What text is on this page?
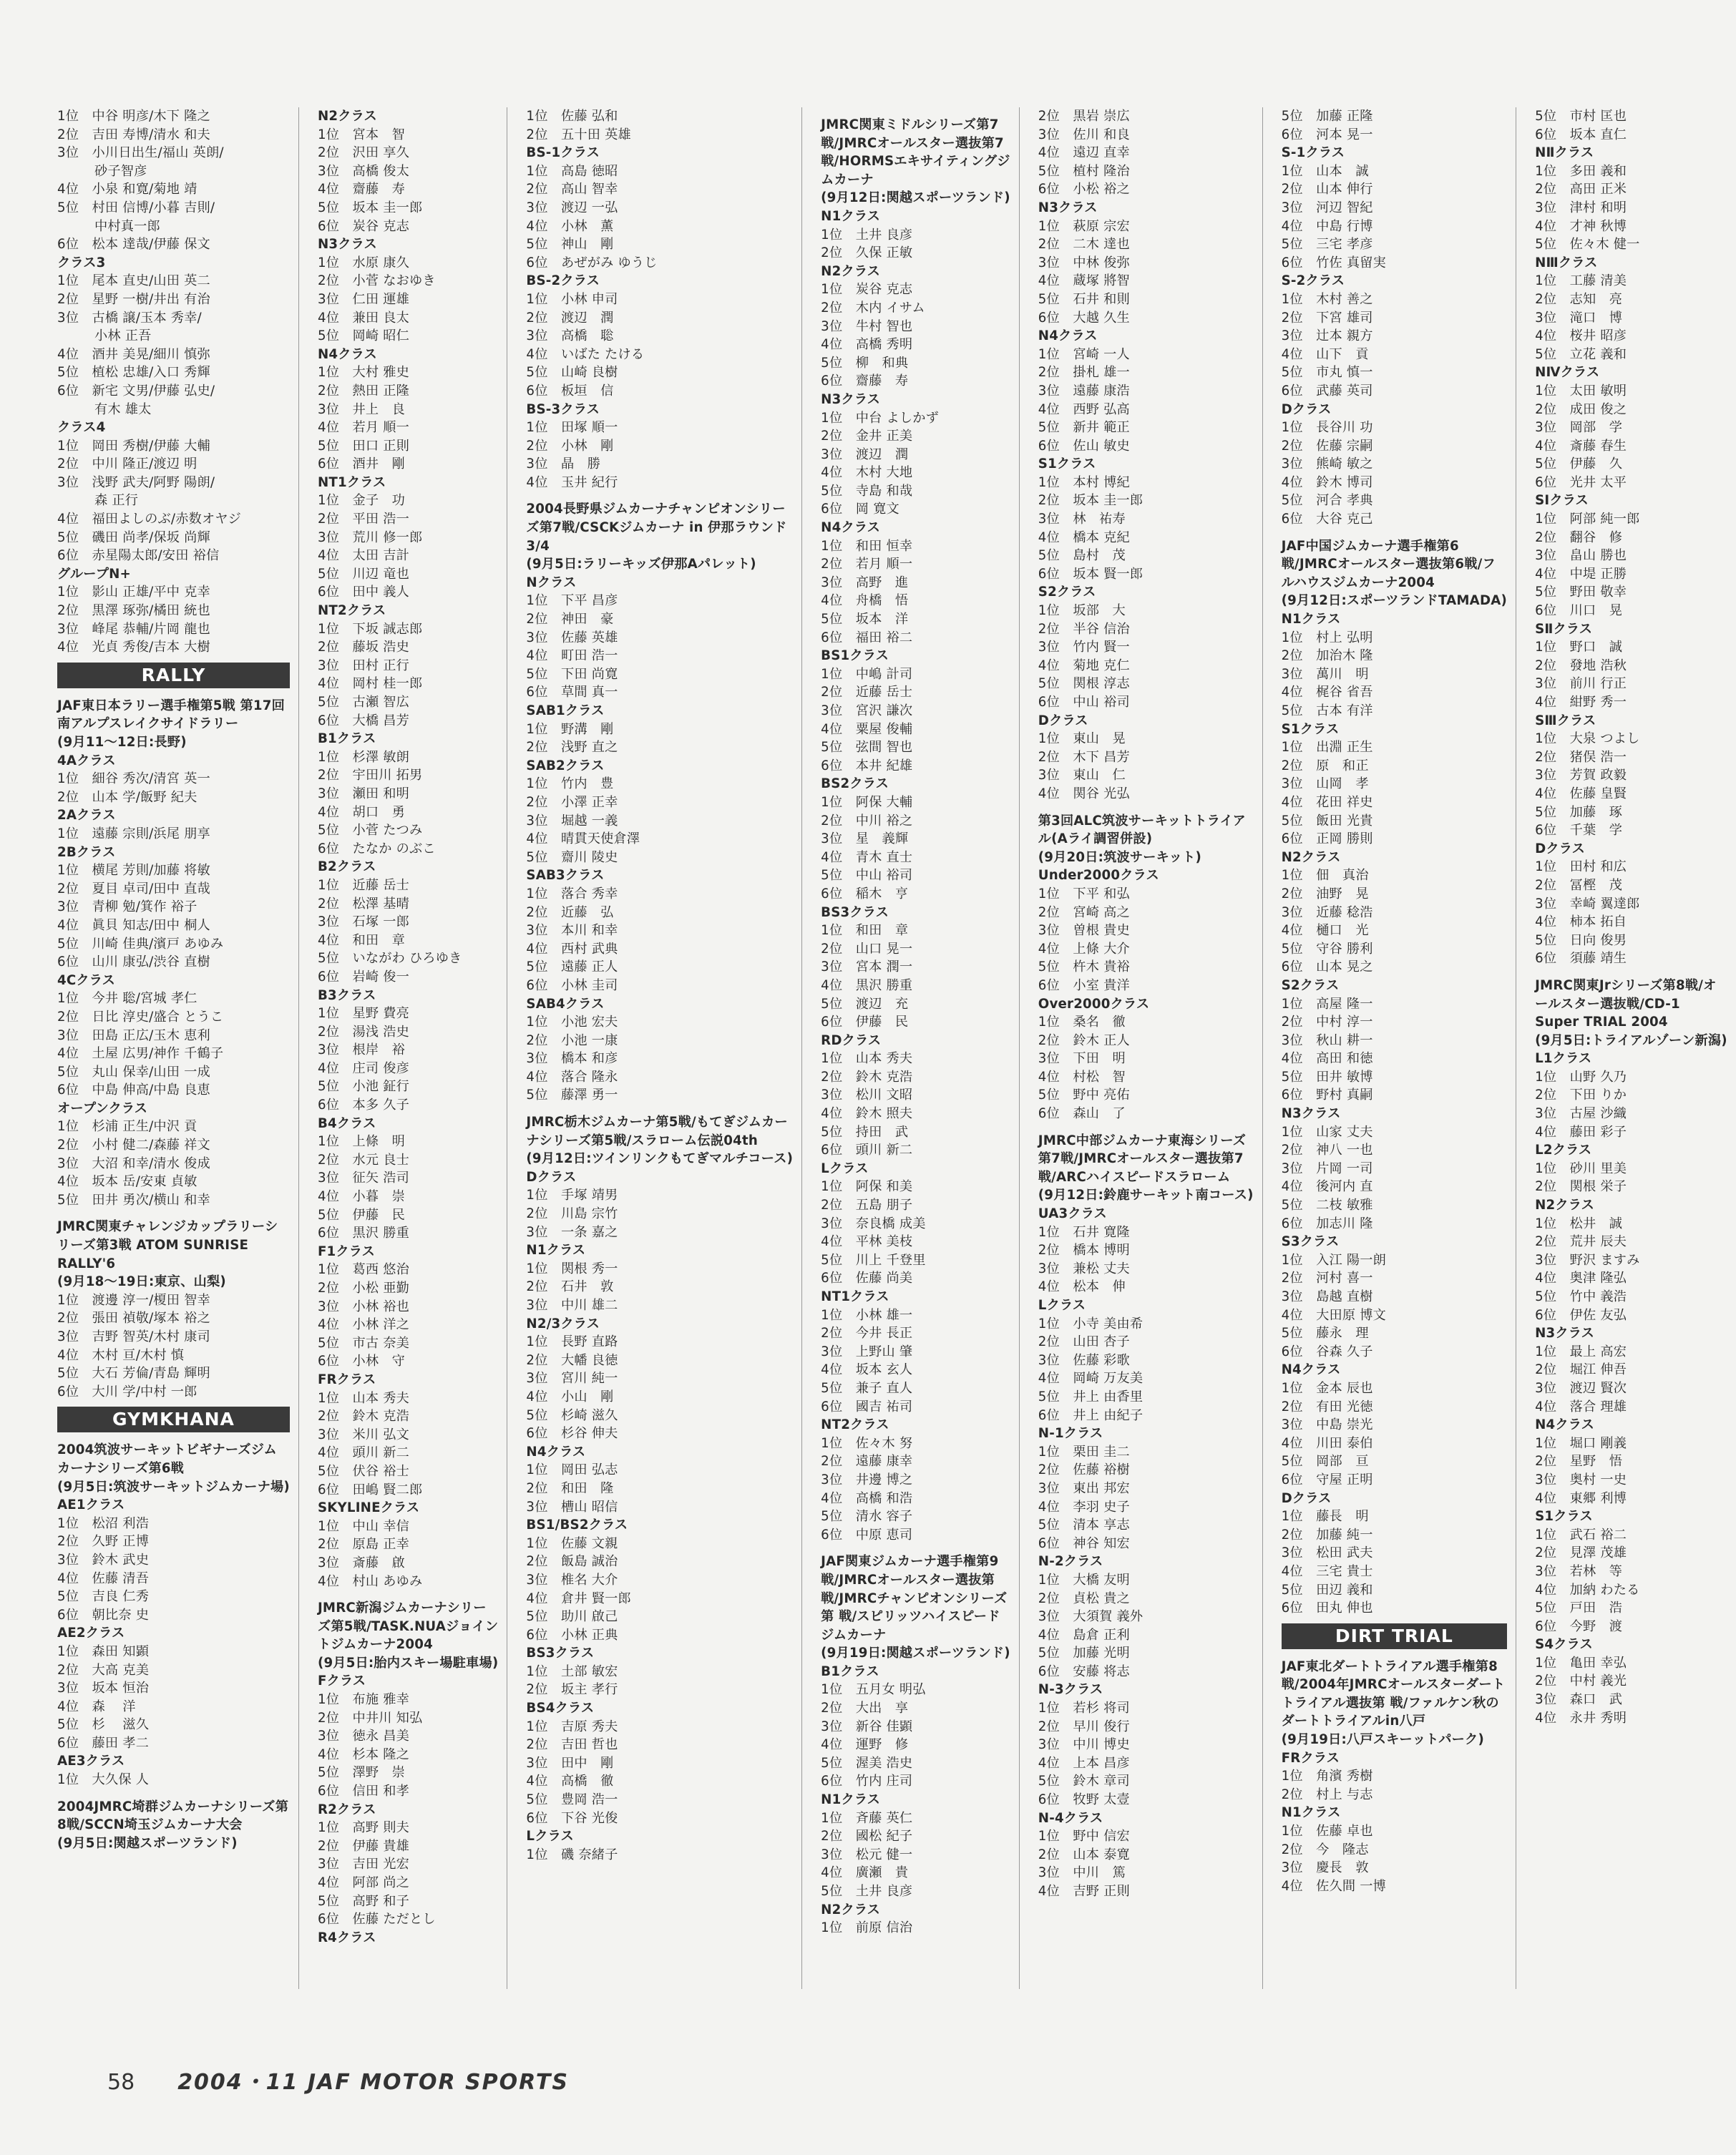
1位　中谷 明彦/木下 隆之
2位　吉田 寿博/清水 和夫
3位　小川日出生/福山 英朗/
砂子智彦
4位　小泉 和寛/菊地 靖
5位　村田 信博/小暮 吉則/
中村真一郎
6位　松本 達哉/伊藤 保文
クラス3
1位　尾本 直史/山田 英二
2位　星野 一樹/井出 有治
3位　古橋 譲/玉本 秀幸/
小林 正吾
4位　酒井 美晃/細川 慎弥
5位　植松 忠雄/入口 秀輝
6位　新宅 文男/伊藤 弘史/
有木 雄太
クラス4
1位　岡田 秀樹/伊藤 大輔
2位　中川 隆正/渡辺 明
3位　浅野 武夫/阿野 陽朗/
森 正行
4位　福田よしのぶ/赤数オヤジ
5位　磯田 尚孝/保坂 尚輝
6位　赤星陽太郎/安田 裕信
グループN+
1位　影山 正雄/平中 克幸
2位　黒澤 琢弥/橘田 統也
3位　峰尾 恭輔/片岡 龍也
4位　光貞 秀俊/吉本 大樹
RALLY
JAF東日本ラリー選手権第5戦 第17回南アルプスレイクサイドラリー
(9月11〜12日:長野)
4Aクラス
1位　細谷 秀次/清宮 英一
2位　山本 学/飯野 紀夫
2Aクラス
1位　遠藤 宗則/浜尾 朋享
2Bクラス
1位　横尾 芳則/加藤 将敏
2位　夏目 卓司/田中 直哉
3位　青柳 勉/箕作 裕子
4位　眞貝 知志/田中 桐人
5位　川崎 佳典/濱戸 あゆみ
6位　山川 康弘/渋谷 直樹
4Cクラス
1位　今井 聡/宮城 孝仁
2位　日比 淳史/盛合 とうこ
3位　田島 正広/玉木 恵利
4位　土屋 広男/神作 千鶴子
5位　丸山 保幸/山田 一成
6位　中島 伸高/中島 良恵
オープンクラス
1位　杉浦 正生/中沢 貢
2位　小村 健二/森藤 祥文
3位　大沼 和幸/清水 俊成
4位　坂本 岳/安東 貞敏
5位　田井 勇次/横山 和幸
JMRC関東チャレンジカップラリーシリーズ第3戦 ATOM SUNRISE RALLY'6
(9月18〜19日:東京、山梨)
1位　渡邊 淳一/榎田 智幸
2位　張田 禎敬/塚本 裕之
3位　吉野 智英/木村 康司
4位　木村 亘/木村 慎
5位　大石 芳倫/青島 輝明
6位　大川 学/中村 一郎
GYMKHANA
2004筑波サーキットビギナーズジムカーナシリーズ第6戦
(9月5日:筑波サーキットジムカーナ場)
AE1クラス
1位　松沼 利浩
2位　久野 正博
3位　鈴木 武史
4位　佐藤 清吾
5位　吉良 仁秀
6位　朝比奈 史
AE2クラス
1位　森田 知顕
2位　大高 克美
3位　坂本 恒治
4位　森　 洋
5位　杉　 滋久
6位　藤田 孝二
AE3クラス
1位　大久保 人
2004JMRC埼群ジムカーナシリーズ第8戦/SCCN埼玉ジムカーナ大会
(9月5日:関越スポーツランド)
N2クラス
1位　宮本　智
2位　沢田 享久
3位　高橋 俊太
4位　齋藤　寿
5位　坂本 圭一郎
6位　炭谷 克志
N3クラス
1位　水原 康久
2位　小菅 なおゆき
3位　仁田 運雄
4位　兼田 良太
5位　岡崎 昭仁
N4クラス
1位　大村 雅史
2位　熱田 正隆
3位　井上　良
4位　若月 順一
5位　田口 正則
6位　酒井　剛
NT1クラス
1位　金子　功
2位　平田 浩一
3位　荒川 修一郎
4位　太田 吉計
5位　川辺 竜也
6位　田中 義人
NT2クラス
1位　下坂 誠志郎
2位　藤坂 浩史
3位　田村 正行
4位　岡村 桂一郎
5位　古瀬 智広
6位　大橋 昌芳
B1クラス
1位　杉澤 敏朗
2位　宇田川 拓男
3位　瀬田 和明
4位　胡口　勇
5位　小菅 たつみ
6位　たなか のぶこ
B2クラス
1位　近藤 岳士
2位　松澤 基晴
3位　石塚 一郎
4位　和田　章
5位　いながわ ひろゆき
6位　岩崎 俊一
B3クラス
1位　星野 費亮
2位　湯浅 浩史
3位　根岸　裕
4位　庄司 俊彦
5位　小池 鉦行
6位　本多 久子
B4クラス
1位　上條　明
2位　水元 良士
3位　征矢 浩司
4位　小暮　崇
5位　伊藤　民
6位　黒沢 勝重
F1クラス
1位　葛西 悠治
2位　小松 亜勤
3位　小林 裕也
4位　小林 洋之
5位　市古 奈美
6位　小林　守
FRクラス
1位　山本 秀夫
2位　鈴木 克浩
3位　米川 弘文
4位　頭川 新二
5位　伏谷 裕士
6位　田嶋 賢二郎
SKYLINEクラス
1位　中山 幸信
2位　原島 正幸
3位　斎藤　啟
4位　村山 あゆみ
JMRC新潟ジムカーナシリーズ第5戦/TASK.NUAジョイントジムカーナ2004
(9月5日:胎内スキー場駐車場)
Fクラス
1位　布施 雅幸
2位　中井川 知弘
3位　徳永 昌美
4位　杉本 隆之
5位　澤野　崇
6位　信田 和孝
R2クラス
1位　高野 則夫
2位　伊藤 貴雄
3位　吉田 光宏
4位　阿部 尚之
5位　高野 和子
6位　佐藤 ただとし
R4クラス
1位　佐藤 弘和
2位　五十田 英雄
BS-1クラス
1位　高島 徳昭
2位　高山 智幸
3位　渡辺 一弘
4位　小林　薫
5位　神山　剛
6位　あぜがみ ゆうじ
BS-2クラス
1位　小林 申司
2位　渡辺　潤
3位　高橋　聡
4位　いばた たける
5位　山崎 良樹
6位　板垣　信
BS-3クラス
1位　田塚 順一
2位　小林　剛
3位　晶　勝
4位　玉井 紀行
2004長野県ジムカーナチャンピオンシリーズ第7戦/CSCKジムカーナ in 伊那ラウンド3/4
(9月5日:ラリーキッズ伊那Aパレット)
Nクラス
1位　下平 昌彦
2位　神田　豪
3位　佐藤 英雄
4位　町田 浩一
5位　下田 尚寛
6位　草間 真一
SAB1クラス
1位　野溝　剛
2位　浅野 直之
SAB2クラス
1位　竹内　豊
2位　小澤 正幸
3位　堀越 一義
4位　晴貫天使倉澤
5位　齋川 陵史
SAB3クラス
1位　落合 秀幸
2位　近藤　弘
3位　本川 和幸
4位　西村 武典
5位　遠藤 正人
6位　小林 圭司
SAB4クラス
1位　小池 宏夫
2位　小池 一康
3位　橋本 和彦
4位　落合 隆永
5位　藤澤 勇一
JMRC栃木ジムカーナ第5戦/もてぎジムカーナシリーズ第5戦/スラローム伝説04th
(9月12日:ツインリンクもてぎマルチコース)
Dクラス
1位　手塚 靖男
2位　川島 宗竹
3位　一条 嘉之
N1クラス
1位　関根 秀一
2位　石井　敦
3位　中川 雄二
N2/3クラス
1位　長野 直路
2位　大幡 良徳
3位　宮川 純一
4位　小山　剛
5位　杉崎 滋久
6位　杉谷 伸夫
N4クラス
1位　岡田 弘志
2位　和田　隆
3位　槽山 昭信
BS1/BS2クラス
1位　佐藤 文親
2位　飯島 誠治
3位　椎名 大介
4位　倉井 賢一郎
5位　助川 啟己
6位　小林 正典
BS3クラス
1位　土部 敏宏
2位　坂主 孝行
BS4クラス
1位　吉原 秀夫
2位　吉田 哲也
3位　田中　剛
4位　高橋　徹
5位　豊岡 浩一
6位　下谷 光俊
Lクラス
1位　磯 奈緒子
JMRC関東ミドルシリーズ第7戦/JMRCオールスター選抜第7戦/HORMSエキサイティングジムカーナ
(9月12日:関越スポーツランド)
N1クラス
1位　土井 良彦
2位　久保 正敏
N2クラス
1位　炭谷 克志
2位　木内 イサム
3位　牛村 智也
4位　高橋 秀明
5位　柳　和典
6位　齋藤　寿
N3クラス
1位　中台 よしかず
2位　金井 正美
3位　渡辺　潤
4位　木村 大地
5位　寺島 和哉
6位　岡 寛文
N4クラス
1位　和田 恒幸
2位　若月 順一
3位　高野　進
4位　舟橋　悟
5位　坂本　洋
6位　福田 裕二
BS1クラス
1位　中嶋 計司
2位　近藤 岳士
3位　宮沢 謙次
4位　粟屋 俊輔
5位　弦間 智也
6位　本井 紀雄
BS2クラス
1位　阿保 大輔
2位　中川 裕之
3位　星　義輝
4位　青木 直士
5位　中山 裕司
6位　稲木　亨
BS3クラス
1位　和田　章
2位　山口 晃一
3位　宮本 潤一
4位　黒沢 勝重
5位　渡辺　充
6位　伊藤　民
RDクラス
1位　山本 秀夫
2位　鈴木 克浩
3位　松川 文昭
4位　鈴木 照夫
5位　持田　武
6位　頭川 新二
Lクラス
1位　阿保 和美
2位　五島 朋子
3位　奈良橋 成美
4位　平林 美枝
5位　川上 千登里
6位　佐藤 尚美
NT1クラス
1位　小林 雄一
2位　今井 長正
3位　上野山 肇
4位　坂本 玄人
5位　兼子 直人
6位　國吉 祐司
NT2クラス
1位　佐々木 努
2位　遠藤 康幸
3位　井邊 博之
4位　高橋 和浩
5位　清水 容子
6位　中原 恵司
JAF関東ジムカーナ選手権第9戦/JMRCオールスター選抜第 戦/JMRCチャンピオンシリーズ第 戦/スピリッツハイスピードジムカーナ
(9月19日:関越スポーツランド)
B1クラス
1位　五月女 明弘
2位　大出　享
3位　新谷 佳顕
4位　運野　修
5位　渥美 浩史
6位　竹内 庄司
N1クラス
1位　斉藤 英仁
2位　國松 紀子
3位　松元 健一
4位　廣瀬　貴
5位　土井 良彦
N2クラス
1位　前原 信治
2位　黒岩 崇広
3位　佐川 和良
4位　遠辺 直幸
5位　植村 隆治
6位　小松 裕之
N3クラス
1位　萩原 宗宏
2位　二木 達也
3位　中林 俊弥
4位　蔵塚 將智
5位　石井 和則
6位　大越 久生
N4クラス
1位　宮崎 一人
2位　掛札 雄一
3位　遠藤 康浩
4位　西野 弘高
5位　新井 範正
6位　佐山 敏史
S1クラス
1位　本村 博紀
2位　坂本 圭一郎
3位　林　祐寿
4位　橋本 克紀
5位　島村　茂
6位　坂本 賢一郎
S2クラス
1位　坂部　大
2位　半谷 信治
3位　竹内 賢一
4位　菊地 克仁
5位　関根 淳志
6位　中山 裕司
Dクラス
1位　東山　晃
2位　木下 昌芳
3位　東山　仁
4位　関谷 光弘
第3回ALC筑波サーキットトライアル(Aライ調習併設)
(9月20日:筑波サーキット)
Under2000クラス
1位　下平 和弘
2位　宮崎 高之
3位　曽根 貴史
4位　上條 大介
5位　杵木 貴裕
6位　小室 貴洋
Over2000クラス
1位　桑名　徹
2位　鈴木 正人
3位　下田　明
4位　村松　智
5位　野中 亮佑
6位　森山　了
JMRC中部ジムカーナ東海シリーズ第7戦/JMRCオールスター選抜第7戦/ARCハイスピードスラローム
(9月12日:鈴鹿サーキット南コース)
UA3クラス
1位　石井 寛隆
2位　橋本 博明
3位　兼松 丈夫
4位　松本　伸
Lクラス
1位　小寺 美由希
2位　山田 杏子
3位　佐藤 彩歌
4位　岡崎 万友美
5位　井上 由香里
6位　井上 由紀子
N-1クラス
1位　栗田 圭二
2位　佐藤 裕樹
3位　東出 邦宏
4位　李羽 史子
5位　清本 享志
6位　神谷 知宏
N-2クラス
1位　大橋 友明
2位　貞松 貴之
3位　大須賀 義外
4位　島倉 正利
5位　加藤 光明
6位　安藤 将志
N-3クラス
1位　若杉 将司
2位　早川 俊行
3位　中川 博史
4位　上本 昌彦
5位　鈴木 章司
6位　牧野 太壹
N-4クラス
1位　野中 信宏
2位　山本 泰寛
3位　中川　篤
4位　吉野 正則
5位　加藤 正隆
6位　河本 晃一
S-1クラス
1位　山本　誠
2位　山本 伸行
3位　河辺 智紀
4位　中島 行博
5位　三宅 孝彦
6位　竹佐 真留実
S-2クラス
1位　木村 善之
2位　下宮 雄司
3位　辻本 親方
4位　山下　貢
5位　市丸 慎一
6位　武藤 英司
Dクラス
1位　長谷川 功
2位　佐藤 宗嗣
3位　熊崎 敏之
4位　鈴木 博司
5位　河合 孝典
6位　大谷 克己
JAF中国ジムカーナ選手権第6戦/JMRCオールスター選抜第6戦/フルハウスジムカーナ2004
(9月12日:スポーツランドTAMADA)
N1クラス
1位　村上 弘明
2位　加治木 隆
3位　萬川　明
4位　梶谷 省吾
5位　古本 有洋
S1クラス
1位　出淵 正生
2位　原　和正
3位　山岡　孝
4位　花田 祥史
5位　飯田 光貴
6位　正岡 勝則
N2クラス
1位　佃　真治
2位　油野　晃
3位　近藤 稔浩
4位　樋口　光
5位　守谷 勝利
6位　山本 晃之
S2クラス
1位　高屋 隆一
2位　中村 淳一
3位　秋山 耕一
4位　高田 和徳
5位　田井 敏博
6位　野村 真嗣
N3クラス
1位　山家 丈夫
2位　神八 一也
3位　片岡 一司
4位　後河内 直
5位　二枝 敏雅
6位　加志川 隆
S3クラス
1位　入江 陽一朗
2位　河村 喜一
3位　島越 直樹
4位　大田原 博文
5位　藤永　理
6位　谷森 久子
N4クラス
1位　金本 辰也
2位　有田 光徳
3位　中島 崇光
4位　川田 泰伯
5位　岡部　亘
6位　守屋 正明
Dクラス
1位　藤長　明
2位　加藤 純一
3位　松田 武夫
4位　三宅 貴士
5位　田辺 義和
6位　田丸 伸也
DIRT TRIAL
JAF東北ダートトライアル選手権第8戦/2004年JMRCオールスターダートトライアル選抜第 戦/ファルケン秋のダートトライアルin八戸
(9月19日:八戸スキーットパーク)
FRクラス
1位　角濱 秀樹
2位　村上 与志
N1クラス
1位　佐藤 卓也
2位　今　隆志
3位　慶長　敦
4位　佐久間 一博
5位　市村 匡也
6位　坂本 直仁
NⅡクラス
1位　多田 義和
2位　高田 正米
3位　津村 和明
4位　才神 秋博
5位　佐々木 健一
NⅢクラス
1位　工藤 清美
2位　志知　亮
3位　滝口　博
4位　桜井 昭彦
5位　立花 義和
NⅣクラス
1位　太田 敏明
2位　成田 俊之
3位　岡部　学
4位　斎藤 春生
5位　伊藤　久
6位　光井 太平
SⅠクラス
1位　阿部 純一郎
2位　翻谷　修
3位　畠山 勝也
4位　中堤 正勝
5位　野田 敬幸
6位　川口　晃
SⅡクラス
1位　野口　誠
2位　發地 浩秋
3位　前川 行正
4位　紺野 秀一
SⅢクラス
1位　大泉 つよし
2位　猪俣 浩一
3位　芳賀 政毅
4位　佐藤 皇賢
5位　加藤　琢
6位　千葉　学
Dクラス
1位　田村 和広
2位　冨樫　茂
3位　幸崎 翼達郎
4位　柿本 拓自
5位　日向 俊男
6位　須藤 靖生
JMRC関東Jrシリーズ第8戦/オールスター選抜戦/CD-1 Super TRIAL 2004
(9月5日:トライアルゾーン新潟)
L1クラス
1位　山野 久乃
2位　下田 りか
3位　古屋 沙織
4位　藤田 彩子
L2クラス
1位　砂川 里美
2位　関根 栄子
N2クラス
1位　松井　誠
2位　荒井 辰夫
3位　野沢 ますみ
4位　奥津 隆弘
5位　竹中 義浩
6位　伊佐 友弘
N3クラス
1位　最上 高宏
2位　堀江 伸吾
3位　渡辺 賢次
4位　落合 理雄
N4クラス
1位　堀口 剛義
2位　星野　悟
3位　奥村 一史
4位　東郷 利博
S1クラス
1位　武石 裕二
2位　見澤 茂雄
3位　若林　等
4位　加納 わたる
5位　戸田　浩
6位　今野　渡
S4クラス
1位　亀田 幸弘
2位　中村 義光
3位　森口　武
4位　永井 秀明
58 2004・11 JAF MOTOR SPORTS
